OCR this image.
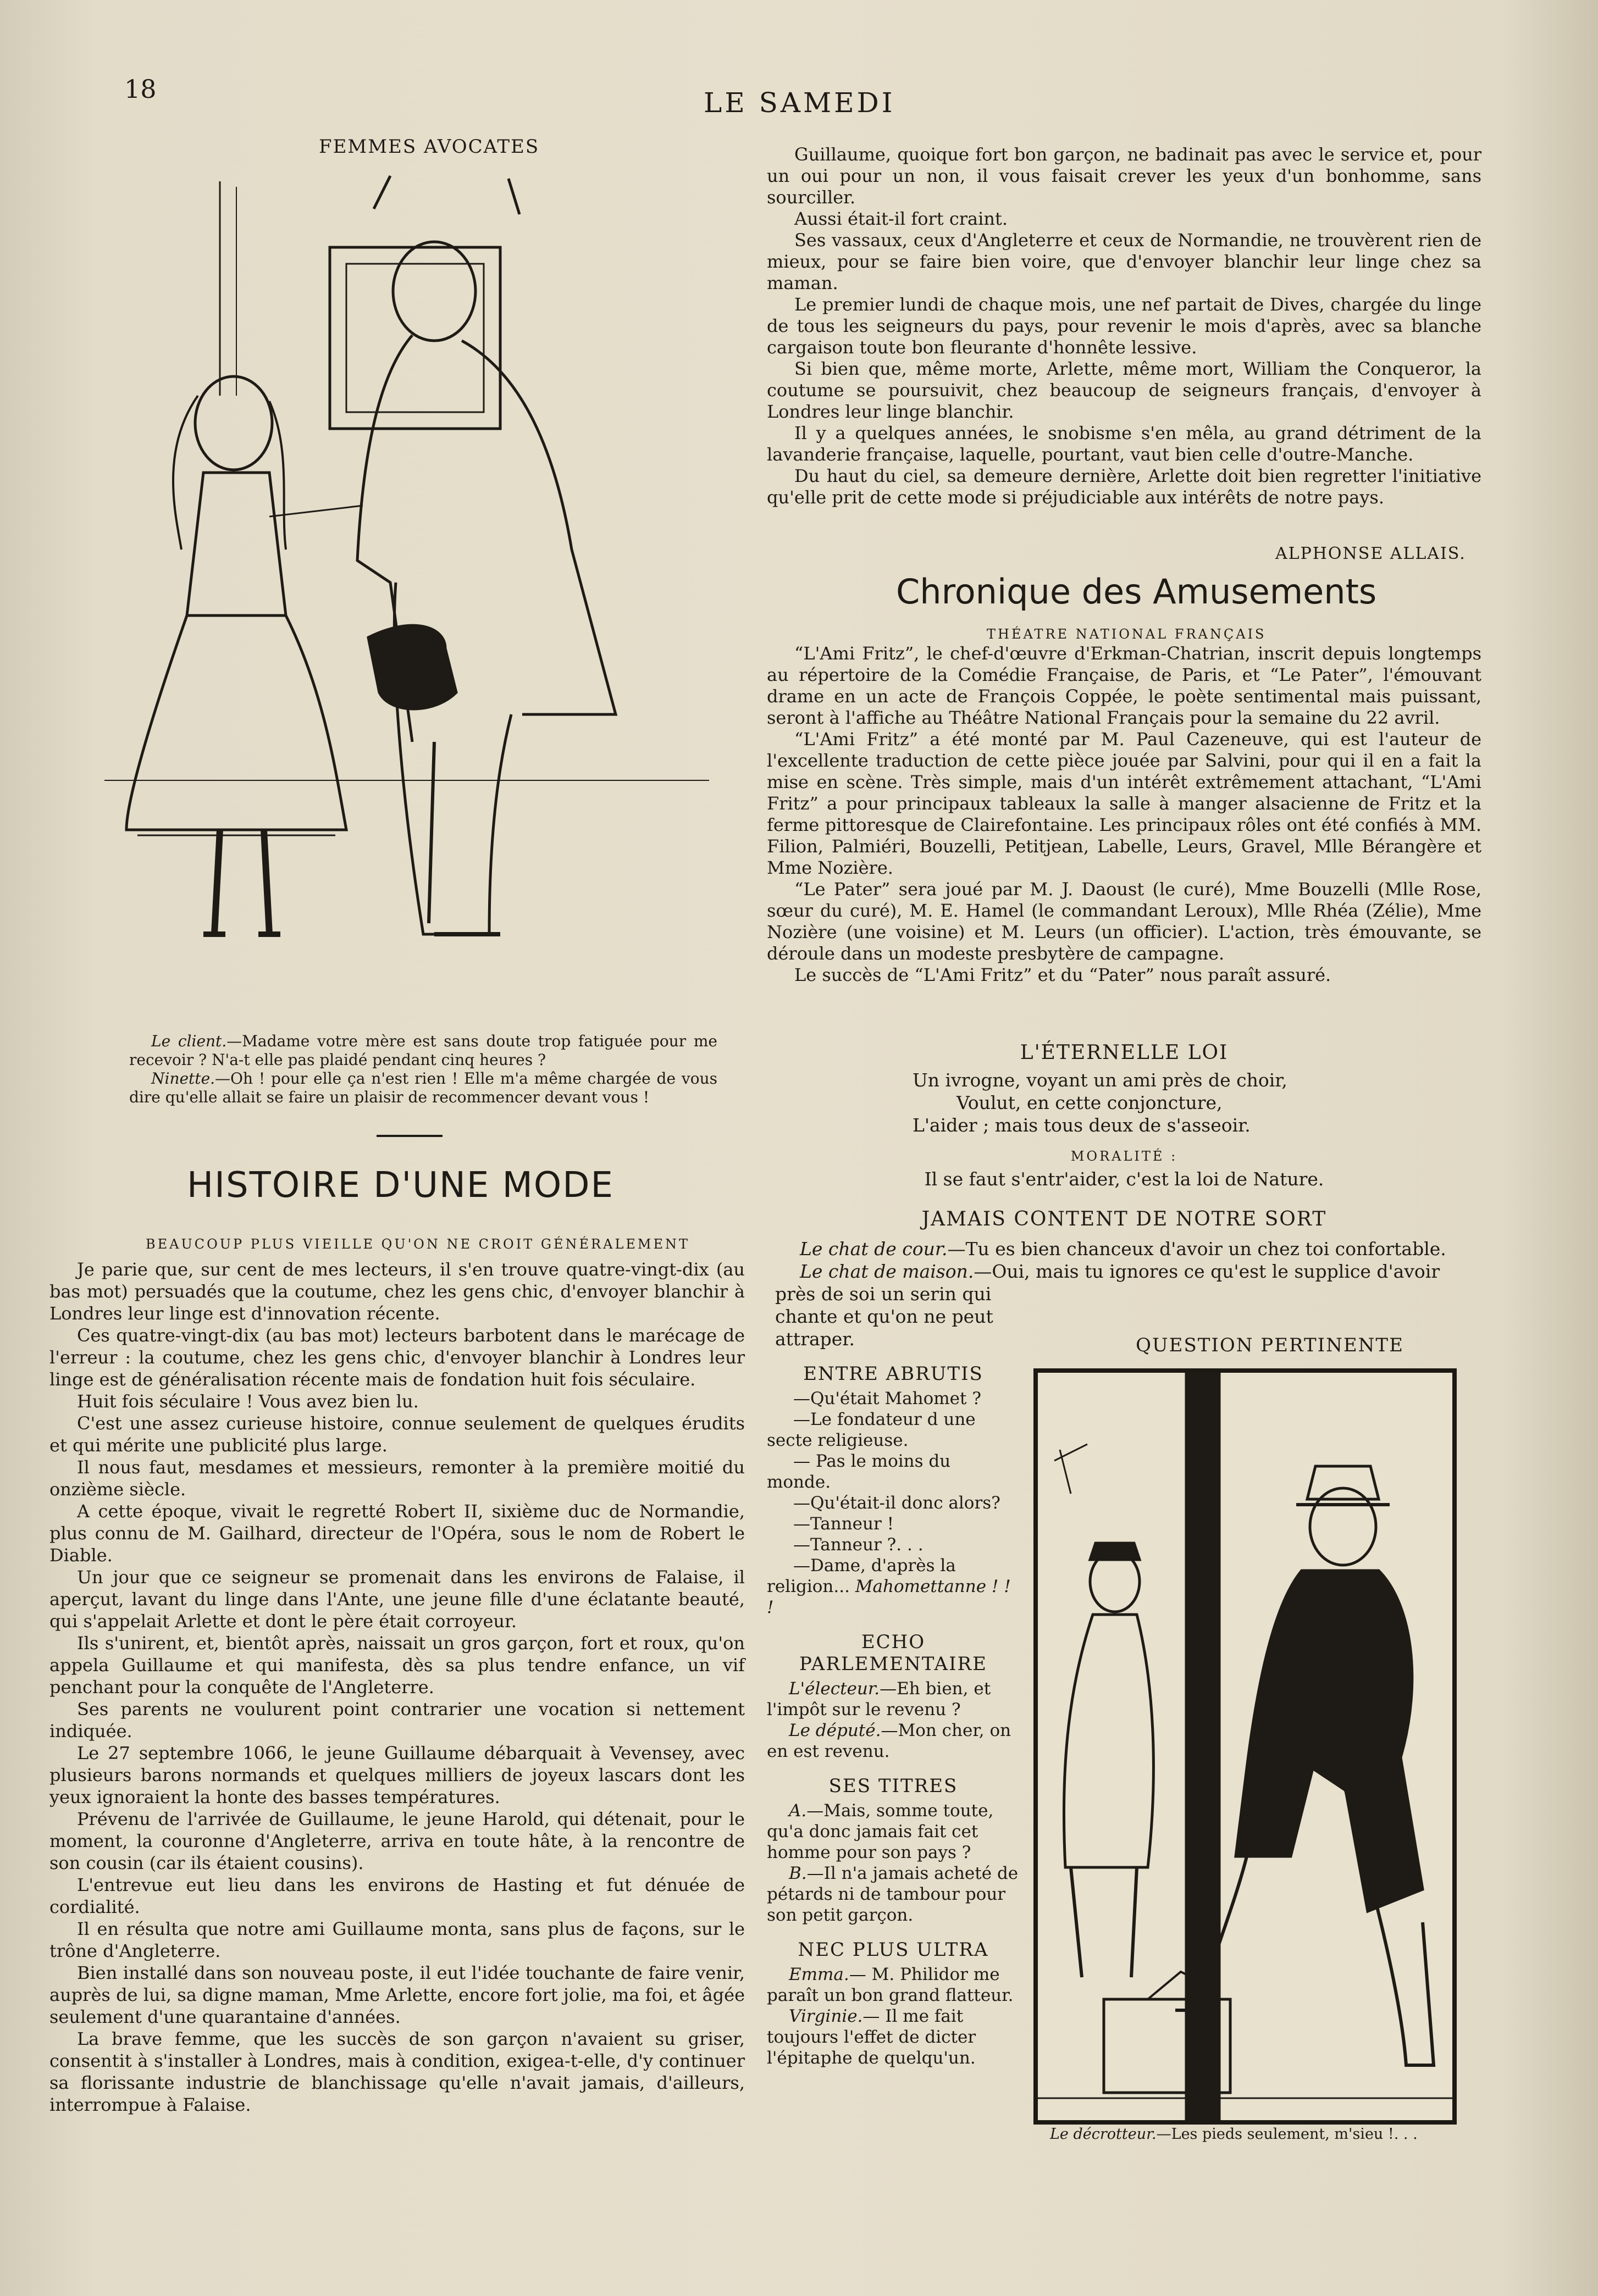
18	LE SAMEDI
FEMMES AVOCATES

Le client.—Madame votre mère est sans doute trop fatiguée pour me recevoir ? N'a-t elle pas plaidé pendant cinq heures ?

Ninette.—Oh ! pour elle ça n'est rien ! Elle m'a même chargée de vous dire qu'elle allait se faire un plaisir de recommencer devant vous !

HISTOIRE D'UNE MODE
BEAUCOUP PLUS VIEILLE QU'ON NE CROIT GÉNÉRALEMENT

Je parie que, sur cent de mes lecteurs, il s'en trouve quatre-vingt-dix (au bas mot) persuadés que la coutume, chez les gens chic, d'envoyer blanchir à Londres leur linge est d'innovation récente.

Ces quatre-vingt-dix (au bas mot) lecteurs barbotent dans le marécage de l'erreur : la coutume, chez les gens chic, d'envoyer blanchir à Londres leur linge est de généralisation récente mais de fondation huit fois séculaire.

Huit fois séculaire ! Vous avez bien lu.

C'est une assez curieuse histoire, connue seulement de quelques érudits et qui mérite une publicité plus large.

Il nous faut, mesdames et messieurs, remonter à la première moitié du onzième siècle.

A cette époque, vivait le regretté Robert II, sixième duc de Normandie, plus connu de M. Gailhard, directeur de l'Opéra, sous le nom de Robert le Diable.

Un jour que ce seigneur se promenait dans les environs de Falaise, il aperçut, lavant du linge dans l'Ante, une jeune fille d'une éclatante beauté, qui s'appelait Arlette et dont le père était corroyeur.

Ils s'unirent, et, bientôt après, naissait un gros garçon, fort et roux, qu'on appela Guillaume et qui manifesta, dès sa plus tendre enfance, un vif penchant pour la conquête de l'Angleterre.

Ses parents ne voulurent point contrarier une vocation si nettement indiquée.

Le 27 septembre 1066, le jeune Guillaume débarquait à Vevensey, avec plusieurs barons normands et quelques milliers de joyeux lascars dont les yeux ignoraient la honte des basses températures.

Prévenu de l'arrivée de Guillaume, le jeune Harold, qui détenait, pour le moment, la couronne d'Angleterre, arriva en toute hâte, à la rencontre de son cousin (car ils étaient cousins).

L'entrevue eut lieu dans les environs de Hasting et fut dénuée de cordialité.

Il en résulta que notre ami Guillaume monta, sans plus de façons, sur le trône d'Angleterre.

Bien installé dans son nouveau poste, il eut l'idée touchante de faire venir, auprès de lui, sa digne maman, Mme Arlette, encore fort jolie, ma foi, et âgée seulement d'une quarantaine d'années.

La brave femme, que les succès de son garçon n'avaient su griser, consentit à s'installer à Londres, mais à condition, exigea-t-elle, d'y continuer sa florissante industrie de blanchissage qu'elle n'avait jamais, d'ailleurs, interrompue à Falaise.

Guillaume, quoique fort bon garçon, ne badinait pas avec le service et, pour un oui pour un non, il vous faisait crever les yeux d'un bonhomme, sans sourciller.

Aussi était-il fort craint.

Ses vassaux, ceux d'Angleterre et ceux de Normandie, ne trouvèrent rien de mieux, pour se faire bien voire, que d'envoyer blanchir leur linge chez sa maman.

Le premier lundi de chaque mois, une nef partait de Dives, chargée du linge de tous les seigneurs du pays, pour revenir le mois d'après, avec sa blanche cargaison toute bon fleurante d'honnête lessive.

Si bien que, même morte, Arlette, même mort, William the Conqueror, la coutume se poursuivit, chez beaucoup de seigneurs français, d'envoyer à Londres leur linge blanchir.

Il y a quelques années, le snobisme s'en mêla, au grand détriment de la lavanderie française, laquelle, pourtant, vaut bien celle d'outre-Manche.

Du haut du ciel, sa demeure dernière, Arlette doit bien regretter l'initiative qu'elle prit de cette mode si préjudiciable aux intérêts de notre pays.

ALPHONSE ALLAIS.
Chronique des Amusements
THÉATRE NATIONAL FRANÇAIS

“L'Ami Fritz”, le chef-d'œuvre d'Erkman-Chatrian, inscrit depuis longtemps au répertoire de la Comédie Française, de Paris, et “Le Pater”, l'émouvant drame en un acte de François Coppée, le poète sentimental mais puissant, seront à l'affiche au Théâtre National Français pour la semaine du 22 avril.

“L'Ami Fritz” a été monté par M. Paul Cazeneuve, qui est l'auteur de l'excellente traduction de cette pièce jouée par Salvini, pour qui il en a fait la mise en scène. Très simple, mais d'un intérêt extrêmement attachant, “L'Ami Fritz” a pour principaux tableaux la salle à manger alsacienne de Fritz et la ferme pittoresque de Clairefontaine. Les principaux rôles ont été confiés à MM. Filion, Palmiéri, Bouzelli, Petitjean, Labelle, Leurs, Gravel, Mlle Bérangère et Mme Nozière.

“Le Pater” sera joué par M. J. Daoust (le curé), Mme Bouzelli (Mlle Rose, sœur du curé), M. E. Hamel (le commandant Leroux), Mlle Rhéa (Zélie), Mme Nozière (une voisine) et M. Leurs (un officier). L'action, très émouvante, se déroule dans un modeste presbytère de campagne.

Le succès de “L'Ami Fritz” et du “Pater” nous paraît assuré.

L'ÉTERNELLE LOI
Un ivrogne, voyant un ami près de choir,
Voulut, en cette conjoncture,
L'aider ; mais tous deux de s'asseoir.
MORALITÉ :
Il se faut s'entr'aider, c'est la loi de Nature.
JAMAIS CONTENT DE NOTRE SORT
Le chat de cour.—Tu es bien chanceux d'avoir un chez toi confortable.
Le chat de maison.—Oui, mais tu ignores ce qu'est le supplice d'avoir
près de soi un serin qui
chante et qu'on ne peut
attraper.
ENTRE ABRUTIS
—Qu'était Mahomet ?
—Le fondateur d une secte religieuse.
— Pas le moins du monde.
—Qu'était-il donc alors?
—Tanneur !
—Tanneur ?. . .
—Dame, d'après la religion... Mahomettanne ! ! !
ECHO PARLEMENTAIRE
L'électeur.—Eh bien, et l'impôt sur le revenu ?
Le député.—Mon cher, on en est revenu.
SES TITRES
A.—Mais, somme toute, qu'a donc jamais fait cet homme pour son pays ?
B.—Il n'a jamais acheté de pétards ni de tambour pour son petit garçon.
NEC PLUS ULTRA
Emma.— M. Philidor me paraît un bon grand flatteur.
Virginie.— Il me fait toujours l'effet de dicter l'épitaphe de quelqu'un.
QUESTION PERTINENTE
Le décrotteur.—Les pieds seulement, m'sieu !. . .
